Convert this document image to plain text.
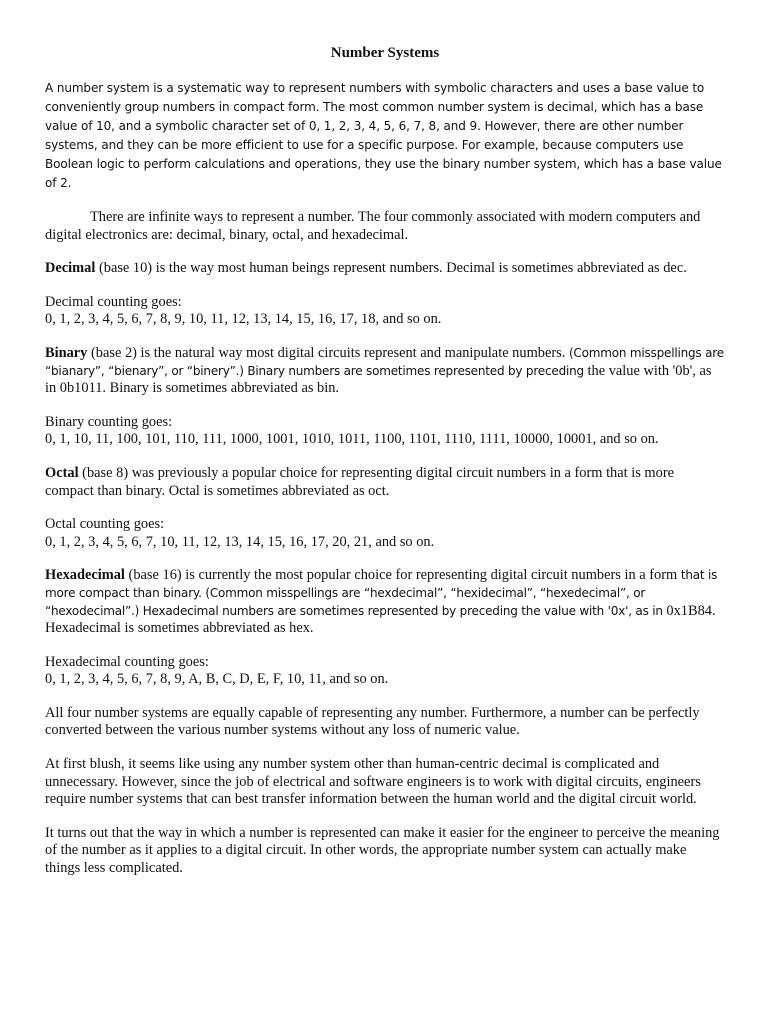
Number Systems

A number system is a systematic way to represent numbers with symbolic characters and uses a base value to conveniently group numbers in compact form. The most common number system is decimal, which has a base value of 10, and a symbolic character set of 0, 1, 2, 3, 4, 5, 6, 7, 8, and 9. However, there are other number systems, and they can be more efficient to use for a specific purpose. For example, because computers use Boolean logic to perform calculations and operations, they use the binary number system, which has a base value of 2.

There are infinite ways to represent a number. The four commonly associated with modern computers and digital electronics are: decimal, binary, octal, and hexadecimal.

Decimal (base 10) is the way most human beings represent numbers. Decimal is sometimes abbreviated as dec.

Decimal counting goes:
0, 1, 2, 3, 4, 5, 6, 7, 8, 9, 10, 11, 12, 13, 14, 15, 16, 17, 18, and so on.

Binary (base 2) is the natural way most digital circuits represent and manipulate numbers. (Common misspellings are “bianary”, “bienary”, or “binery”.) Binary numbers are sometimes represented by preceding the value with '0b', as in 0b1011. Binary is sometimes abbreviated as bin.

Binary counting goes:
0, 1, 10, 11, 100, 101, 110, 111, 1000, 1001, 1010, 1011, 1100, 1101, 1110, 1111, 10000, 10001, and so on.

Octal (base 8) was previously a popular choice for representing digital circuit numbers in a form that is more compact than binary. Octal is sometimes abbreviated as oct.

Octal counting goes:
0, 1, 2, 3, 4, 5, 6, 7, 10, 11, 12, 13, 14, 15, 16, 17, 20, 21, and so on.

Hexadecimal (base 16) is currently the most popular choice for representing digital circuit numbers in a form that is more compact than binary. (Common misspellings are “hexdecimal”, “hexidecimal”, “hexedecimal”, or “hexodecimal”.) Hexadecimal numbers are sometimes represented by preceding the value with '0x', as in 0x1B84. Hexadecimal is sometimes abbreviated as hex.

Hexadecimal counting goes:
0, 1, 2, 3, 4, 5, 6, 7, 8, 9, A, B, C, D, E, F, 10, 11, and so on.

All four number systems are equally capable of representing any number. Furthermore, a number can be perfectly converted between the various number systems without any loss of numeric value.

At first blush, it seems like using any number system other than human-centric decimal is complicated and unnecessary. However, since the job of electrical and software engineers is to work with digital circuits, engineers require number systems that can best transfer information between the human world and the digital circuit world.

It turns out that the way in which a number is represented can make it easier for the engineer to perceive the meaning of the number as it applies to a digital circuit. In other words, the appropriate number system can actually make things less complicated.
